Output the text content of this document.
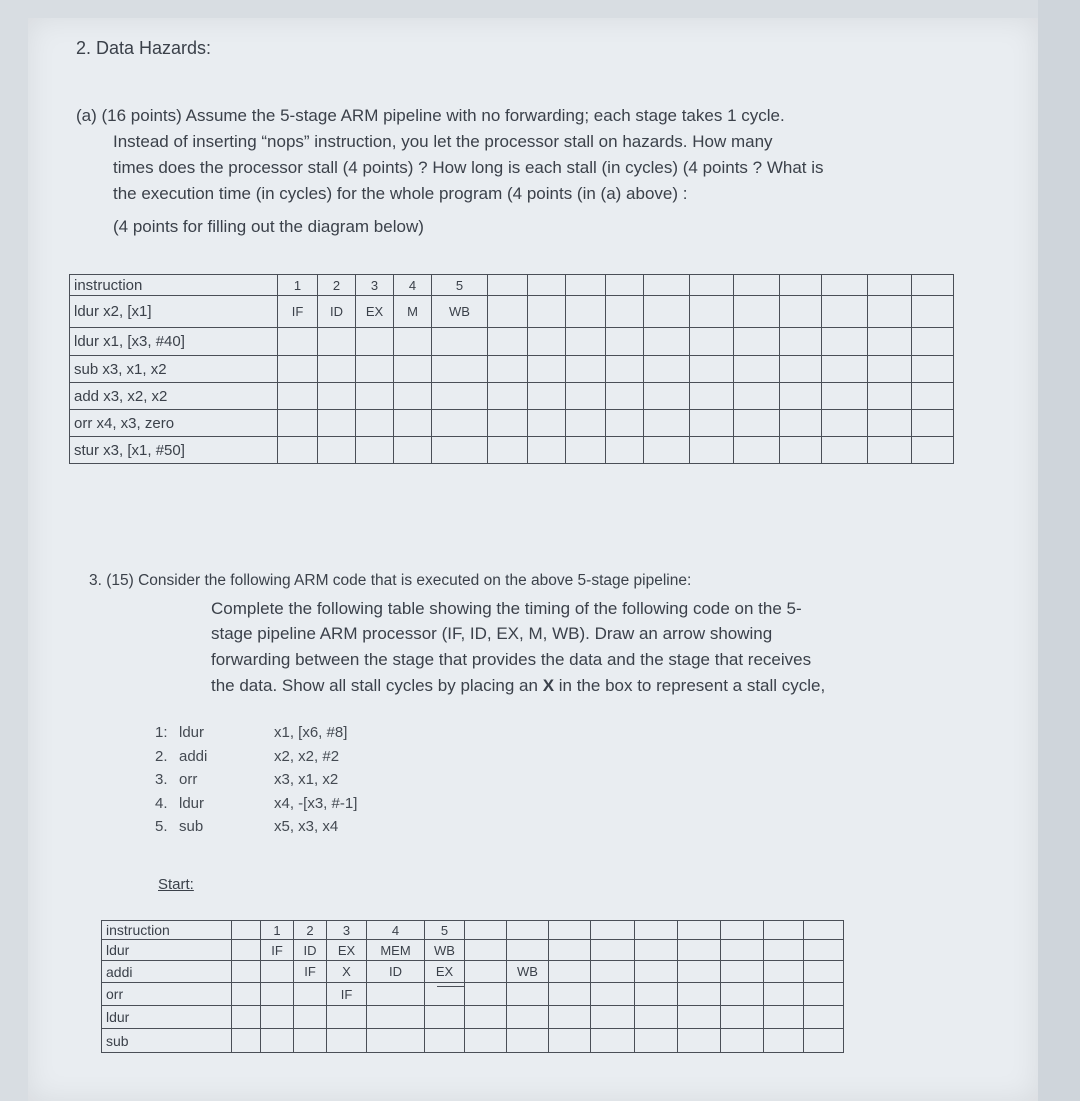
2. Data Hazards:
(a) (16 points) Assume the 5-stage ARM pipeline with no forwarding; each stage takes 1 cycle.
Instead of inserting “nops” instruction, you let the processor stall on hazards. How many
times does the processor stall (4 points) ? How long is each stall (in cycles) (4 points ? What is
the execution time (in cycles) for the whole program (4 points (in (a) above) :
(4 points for filling out the diagram below)
instruction	1	2	3	4	5											
ldur x2, [x1]	IF	ID	EX	M	WB											
ldur x1, [x3, #40]																
sub x3, x1, x2																
add x3, x2, x2																
orr x4, x3, zero																
stur x3, [x1, #50]																
3. (15) Consider the following ARM code that is executed on the above 5-stage pipeline:
Complete the following table showing the timing of the following code on the 5-
stage pipeline ARM processor (IF, ID, EX, M, WB). Draw an arrow showing
forwarding between the stage that provides the data and the stage that receives
the data. Show all stall cycles by placing an X in the box to represent a stall cycle,
1: ldur	x1, [x6, #8]
2. addi	x2, x2, #2
3. orr	x3, x1, x2
4. ldur	x4, -[x3, #-1]
5. sub	x5, x3, x4
Start:
instruction		1	2	3	4	5										
ldur		IF	ID	EX	MEM	WB										
addi			IF	X	ID	EX		WB								
orr				IF												
ldur																
sub																
